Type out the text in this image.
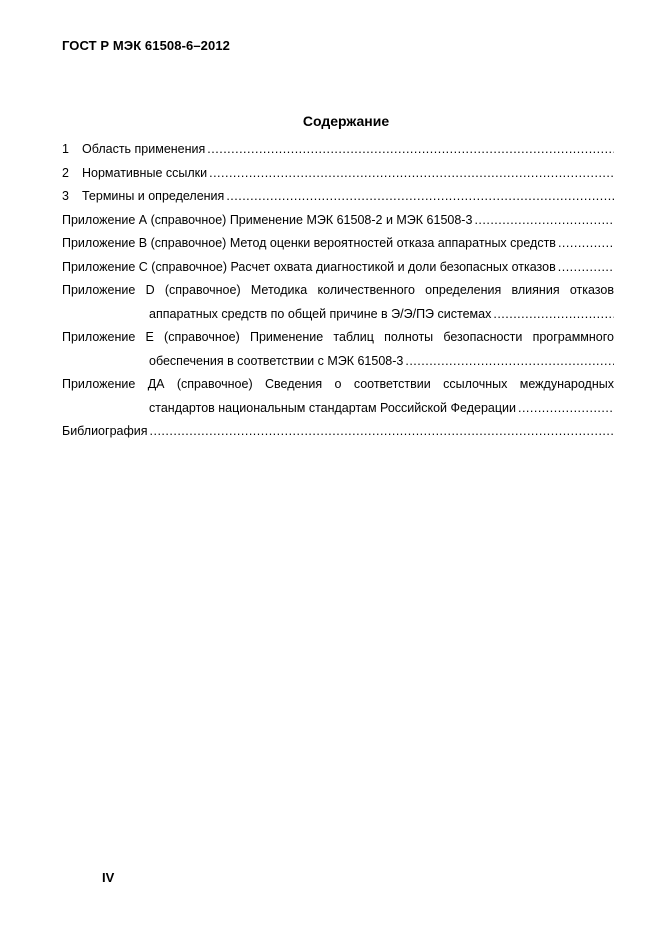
ГОСТ Р МЭК 61508-6–2012
Содержание
1 Область применения
.....
2 Нормативные ссылки
.....
3 Термины и определения
.....
Приложение А (справочное) Применение МЭК 61508-2 и МЭК 61508-3
.....
Приложение В (справочное) Метод оценки вероятностей отказа аппаратных средств
.....
Приложение С (справочное) Расчет охвата диагностикой и доли безопасных отказов
.....
Приложение D (справочное) Методика количественного определения влияния отказов
аппаратных средств по общей причине в Э/Э/ПЭ системах
.....
Приложение Е (справочное) Применение таблиц полноты безопасности программного
обеспечения в соответствии с МЭК 61508-3
.....
Приложение ДА (справочное) Сведения о соответствии ссылочных международных
стандартов национальным стандартам Российской Федерации
.....
Библиография
.....
IV
